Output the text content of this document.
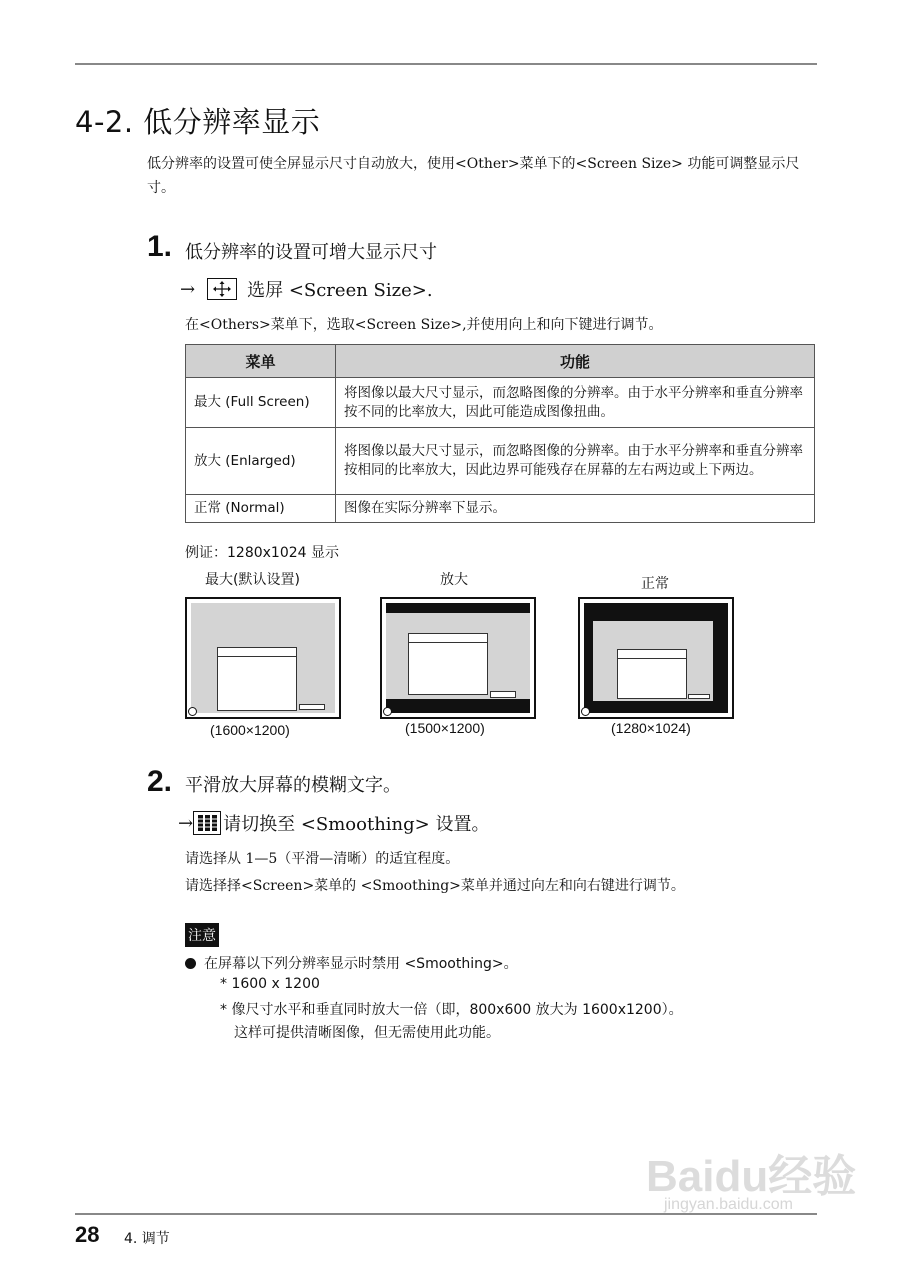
4-2. 低分辨率显示
低分辨率的设置可使全屏显示尺寸自动放大，使用<Other>菜单下的<Screen Size> 功能可调整显示尺寸。
1. 低分辨率的设置可增大显示尺寸
→	选屏 <Screen Size>.
在<Others>菜单下，选取<Screen Size>,并使用向上和向下键进行调节。
菜单	功能
最大 (Full Screen)	将图像以最大尺寸显示，而忽略图像的分辨率。由于水平分辨率和垂直分辨率按不同的比率放大，因此可能造成图像扭曲。
放大 (Enlarged)	将图像以最大尺寸显示，而忽略图像的分辨率。由于水平分辨率和垂直分辨率按相同的比率放大，因此边界可能残存在屏幕的左右两边或上下两边。
正常 (Normal)	图像在实际分辨率下显示。
例证：1280x1024 显示
最大(默认设置)	放大	正常
(1600×1200)	(1500×1200)	(1280×1024)
2. 平滑放大屏幕的模糊文字。
→ 请切换至 <Smoothing> 设置。
请选择从 1—5（平滑—清晰）的适宜程度。
请选择择<Screen>菜单的 <Smoothing>菜单并通过向左和向右键进行调节。
注意
在屏幕以下列分辨率显示时禁用 <Smoothing>。
* 1600 x 1200
* 像尺寸水平和垂直同时放大一倍（即，800x600 放大为 1600x1200）。
这样可提供清晰图像，但无需使用此功能。
Baidu经验
jingyan.baidu.com
28 4. 调节
